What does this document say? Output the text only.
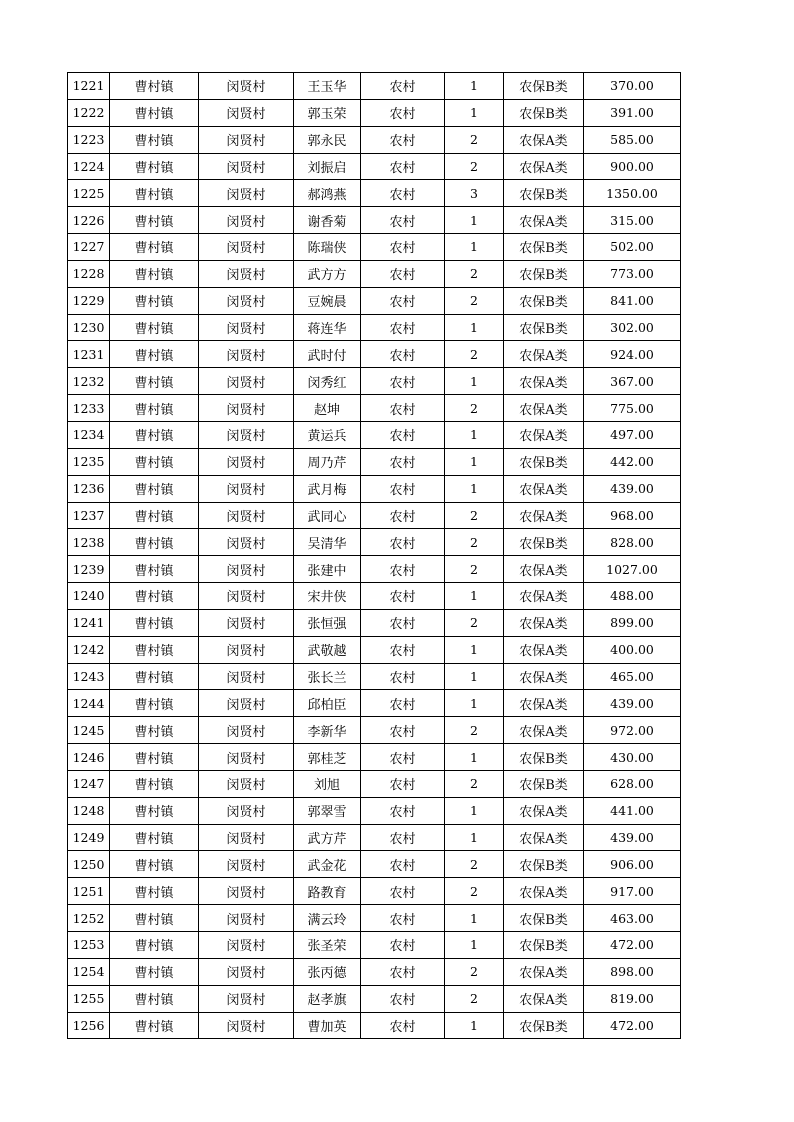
1221	曹村镇	闵贤村	王玉华	农村	1	农保B类	370.00
1222	曹村镇	闵贤村	郭玉荣	农村	1	农保B类	391.00
1223	曹村镇	闵贤村	郭永民	农村	2	农保A类	585.00
1224	曹村镇	闵贤村	刘振启	农村	2	农保A类	900.00
1225	曹村镇	闵贤村	郝鸿燕	农村	3	农保B类	1350.00
1226	曹村镇	闵贤村	谢香菊	农村	1	农保A类	315.00
1227	曹村镇	闵贤村	陈瑞侠	农村	1	农保B类	502.00
1228	曹村镇	闵贤村	武方方	农村	2	农保B类	773.00
1229	曹村镇	闵贤村	豆婉晨	农村	2	农保B类	841.00
1230	曹村镇	闵贤村	蒋连华	农村	1	农保B类	302.00
1231	曹村镇	闵贤村	武时付	农村	2	农保A类	924.00
1232	曹村镇	闵贤村	闵秀红	农村	1	农保A类	367.00
1233	曹村镇	闵贤村	赵坤	农村	2	农保A类	775.00
1234	曹村镇	闵贤村	黄运兵	农村	1	农保A类	497.00
1235	曹村镇	闵贤村	周乃芹	农村	1	农保B类	442.00
1236	曹村镇	闵贤村	武月梅	农村	1	农保A类	439.00
1237	曹村镇	闵贤村	武同心	农村	2	农保A类	968.00
1238	曹村镇	闵贤村	吴清华	农村	2	农保B类	828.00
1239	曹村镇	闵贤村	张建中	农村	2	农保A类	1027.00
1240	曹村镇	闵贤村	宋井侠	农村	1	农保A类	488.00
1241	曹村镇	闵贤村	张恒强	农村	2	农保A类	899.00
1242	曹村镇	闵贤村	武敬越	农村	1	农保A类	400.00
1243	曹村镇	闵贤村	张长兰	农村	1	农保A类	465.00
1244	曹村镇	闵贤村	邱柏臣	农村	1	农保A类	439.00
1245	曹村镇	闵贤村	李新华	农村	2	农保A类	972.00
1246	曹村镇	闵贤村	郭桂芝	农村	1	农保B类	430.00
1247	曹村镇	闵贤村	刘旭	农村	2	农保B类	628.00
1248	曹村镇	闵贤村	郭翠雪	农村	1	农保A类	441.00
1249	曹村镇	闵贤村	武方芹	农村	1	农保A类	439.00
1250	曹村镇	闵贤村	武金花	农村	2	农保B类	906.00
1251	曹村镇	闵贤村	路教育	农村	2	农保A类	917.00
1252	曹村镇	闵贤村	满云玲	农村	1	农保B类	463.00
1253	曹村镇	闵贤村	张圣荣	农村	1	农保B类	472.00
1254	曹村镇	闵贤村	张丙德	农村	2	农保A类	898.00
1255	曹村镇	闵贤村	赵孝旗	农村	2	农保A类	819.00
1256	曹村镇	闵贤村	曹加英	农村	1	农保B类	472.00
